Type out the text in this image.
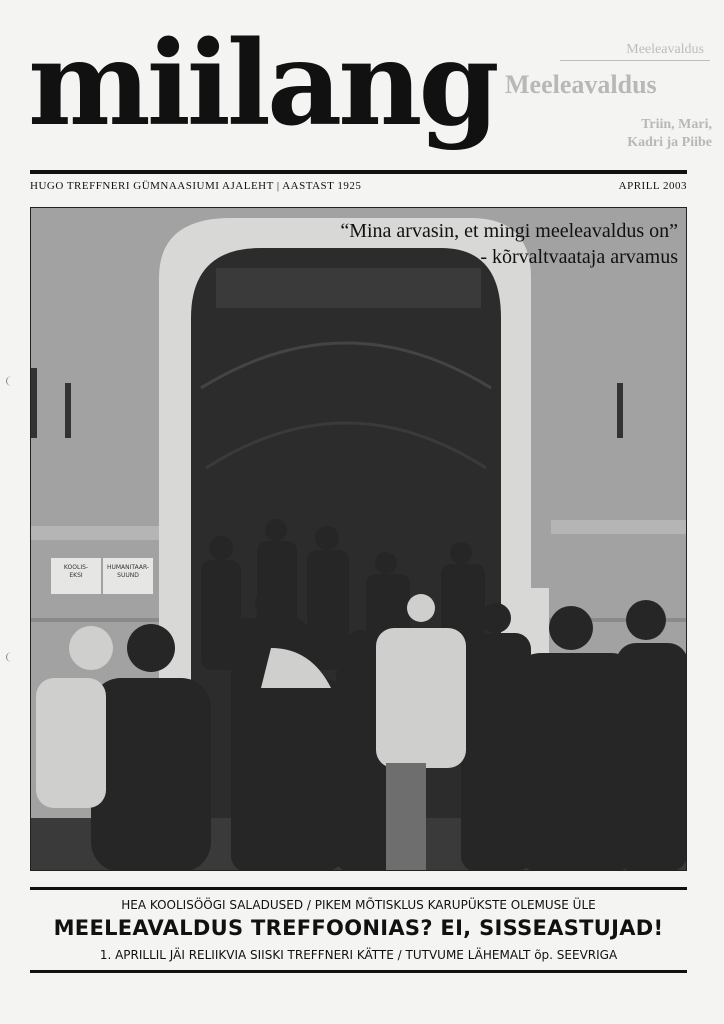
Meeleavaldus
Meeleavaldus
Triin, Mari,
Kadri ja Piibe
miilang
HUGO TREFFNERI GÜMNAASIUMI AJALEHT | AASTAST 1925	APRILL 2003
KOOLIS-
EKSI
HUMANITAAR-
SUUND
“Mina arvasin, et mingi meeleavaldus on”
- kõrvaltvaataja arvamus
HEA KOOLISÖÖGI SALADUSED / PIKEM MÕTISKLUS KARUPÜKSTE OLEMUSE ÜLE
MEELEAVALDUS TREFFOONIAS? EI, SISSEASTUJAD!
1. APRILLIL JÄI RELIIKVIA SIISKI TREFFNERI KÄTTE / TUTVUME LÄHEMALT õp. SEEVRIGA
